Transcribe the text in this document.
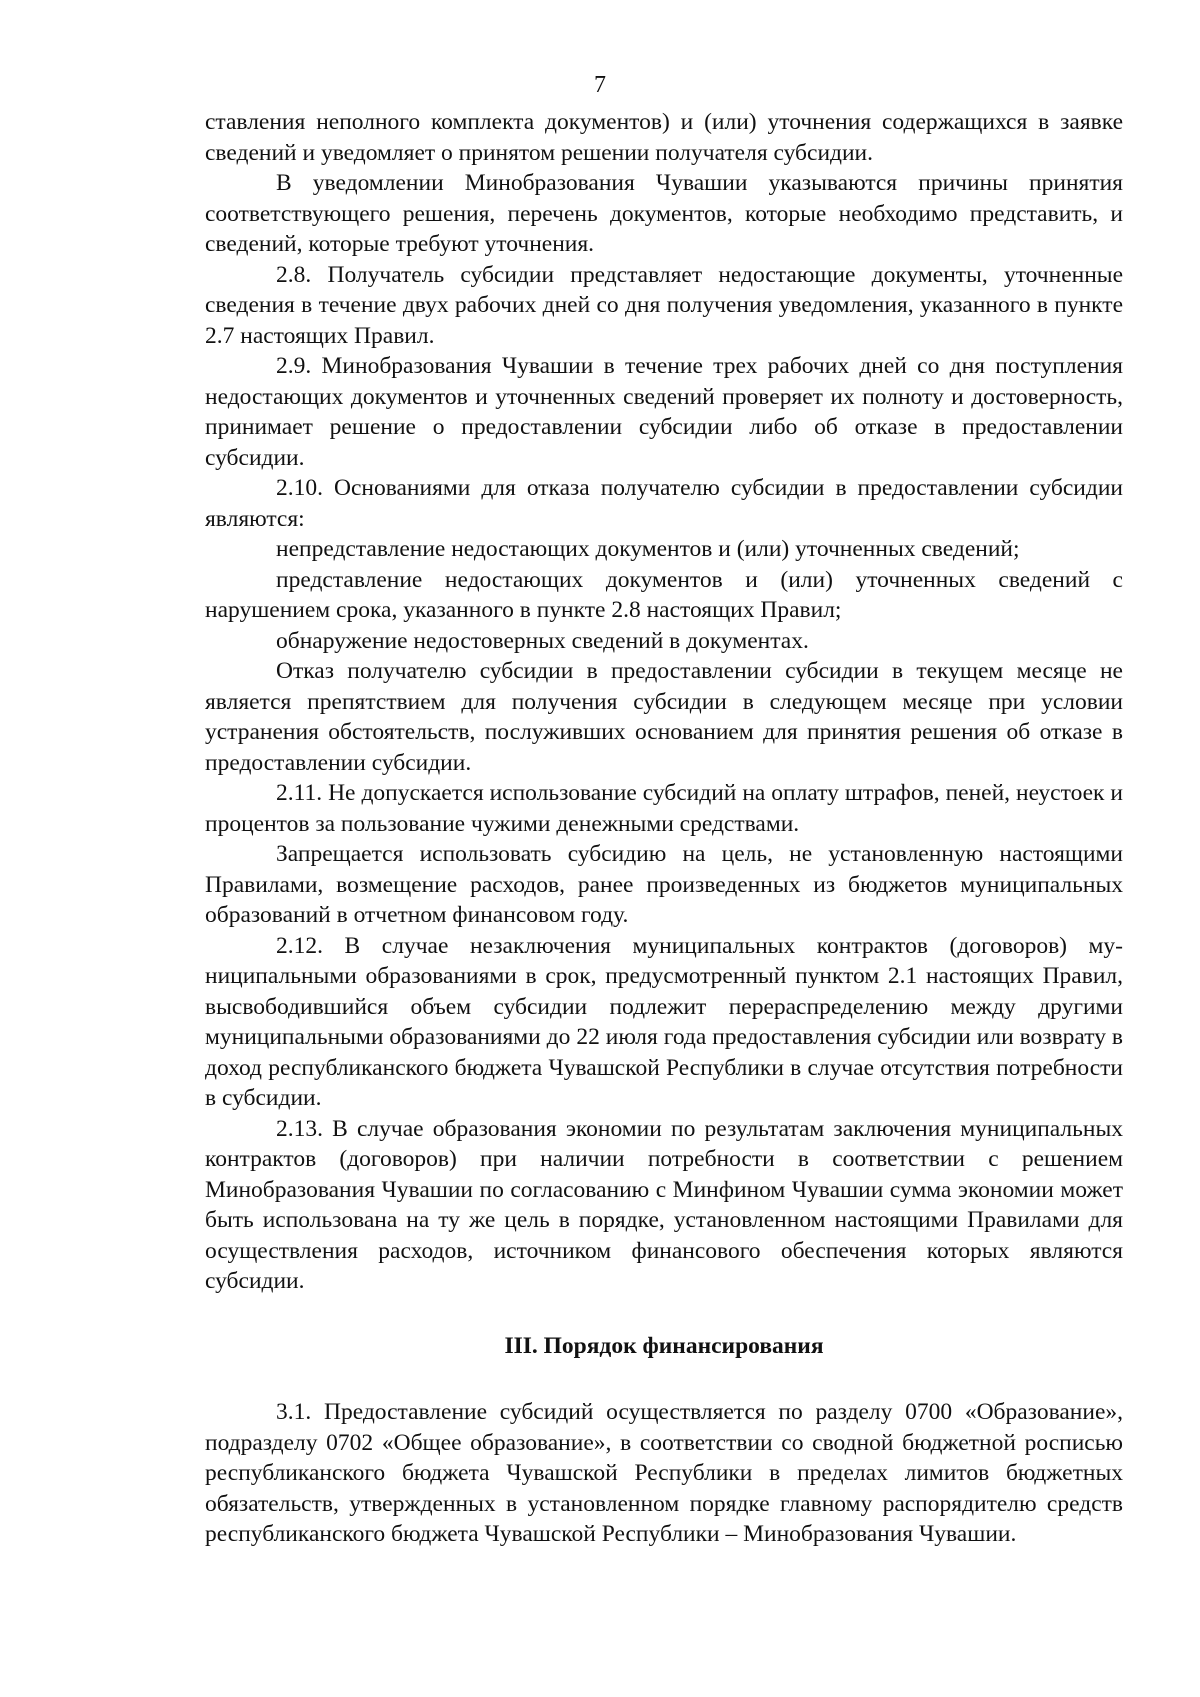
7

ставления неполного комплекта документов) и (или) уточнения содержащихся в заявке сведений и уведомляет о принятом решении получателя субсидии.

В уведомлении Минобразования Чувашии указываются причины принятия соответствующего решения, перечень документов, которые необходимо представить, и сведений, которые требуют уточнения.

2.8. Получатель субсидии представляет недостающие документы, уточненные сведения в течение двух рабочих дней со дня получения уведомления, указанного в пункте 2.7 настоящих Правил.

2.9. Минобразования Чувашии в течение трех рабочих дней со дня поступления недостающих документов и уточненных сведений проверяет их полноту и достоверность, принимает решение о предоставлении субсидии либо об отказе в предоставлении субсидии.

2.10. Основаниями для отказа получателю субсидии в предоставлении субсидии являются:

непредставление недостающих документов и (или) уточненных сведений;

представление недостающих документов и (или) уточненных сведений с нарушением срока, указанного в пункте 2.8 настоящих Правил;

обнаружение недостоверных сведений в документах.

Отказ получателю субсидии в предоставлении субсидии в текущем месяце не является препятствием для получения субсидии в следующем месяце при условии устранения обстоятельств, послуживших основанием для принятия решения об отказе в предоставлении субсидии.

2.11. Не допускается использование субсидий на оплату штрафов, пеней, неустоек и процентов за пользование чужими денежными средствами.

Запрещается использовать субсидию на цель, не установленную настоящими Правилами, возмещение расходов, ранее произведенных из бюджетов муниципальных образований в отчетном финансовом году.

2.12. В случае незаключения муниципальных контрактов (договоров) муниципальными образованиями в срок, предусмотренный пунктом 2.1 настоящих Правил, высвободившийся объем субсидии подлежит перераспределению между другими муниципальными образованиями до 22 июля года предоставления субсидии или возврату в доход республиканского бюджета Чувашской Республики в случае отсутствия потребности в субсидии.

2.13. В случае образования экономии по результатам заключения муниципальных контрактов (договоров) при наличии потребности в соответствии с решением Минобразования Чувашии по согласованию с Минфином Чувашии сумма экономии может быть использована на ту же цель в порядке, установленном настоящими Правилами для осуществления расходов, источником финансового обеспечения которых являются субсидии.

III. Порядок финансирования

3.1. Предоставление субсидий осуществляется по разделу 0700 «Образование», подразделу 0702 «Общее образование», в соответствии со сводной бюджетной росписью республиканского бюджета Чувашской Республики в пределах лимитов бюджетных обязательств, утвержденных в установленном порядке главному распорядителю средств республиканского бюджета Чувашской Республики – Минобразования Чувашии.
